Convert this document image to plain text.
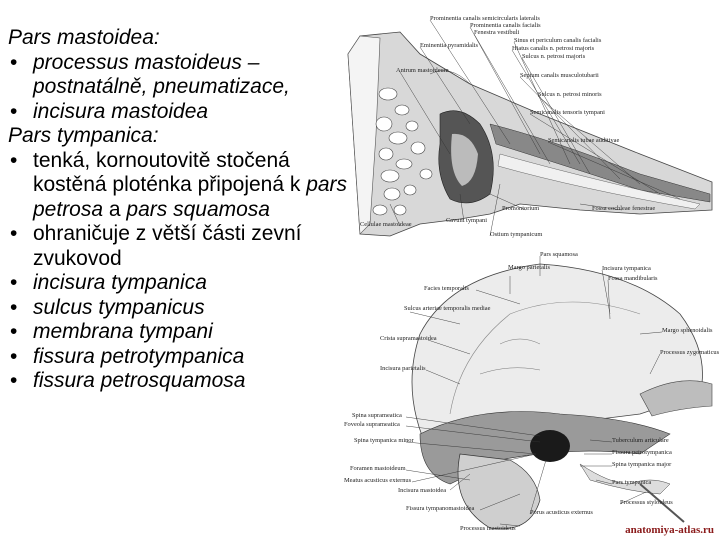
Pars mastoidea:

• processus mastoideus – postnatálně, pneumatizace,
• incisura mastoidea

Pars tympanica:

• tenká, kornoutovitě stočená kostěná ploténka připojená k pars petrosa a pars squamosa
• ohraničuje z větší části zevní zvukovod
• incisura tympanica
• sulcus tympanicus
• membrana tympani
• fissura petrotympanica
• fissura petrosquamosa
Prominentia canalis semicircularis lateralis
Prominentia canalis facialis
Fenestra vestibuli
Sinus et periculum canalis facialis
Hiatus canalis n. petrosi majoris
Sulcus n. petrosi majoris
Septum canalis musculotubarii
Sulcus n. petrosi minoris
Semicanalis tensoris tympani
Semicanalis tubae auditivae
Eminentia pyramidalis
Antrum mastoideum
Cellulae mastoideae
Cavum tympani
Promontorium
Ostium tympanicum
Fossa cochleae fenestrae
Pars squamosa
Margo parietalis	Incisura tympanica
Fossa mandibularis
Facies temporalis
Sulcus arteriae temporalis mediae
Crista supramastoidea
Incisura parietalis
Margo sphenoidalis
Processus zygomaticus
Spina suprameatica
Foveola suprameatica
Spina tympanica minor
Foramen mastoideum
Meatus acusticus externus
Incisura mastoidea
Tuberculum articulare
Fissura petrotympanica
Spina tympanica major
Pars tympanica
Processus styloideus
Fissura tympanomastoidea
Porus acusticus externus
Processus mastoideus	anatomiya-atlas.ru
